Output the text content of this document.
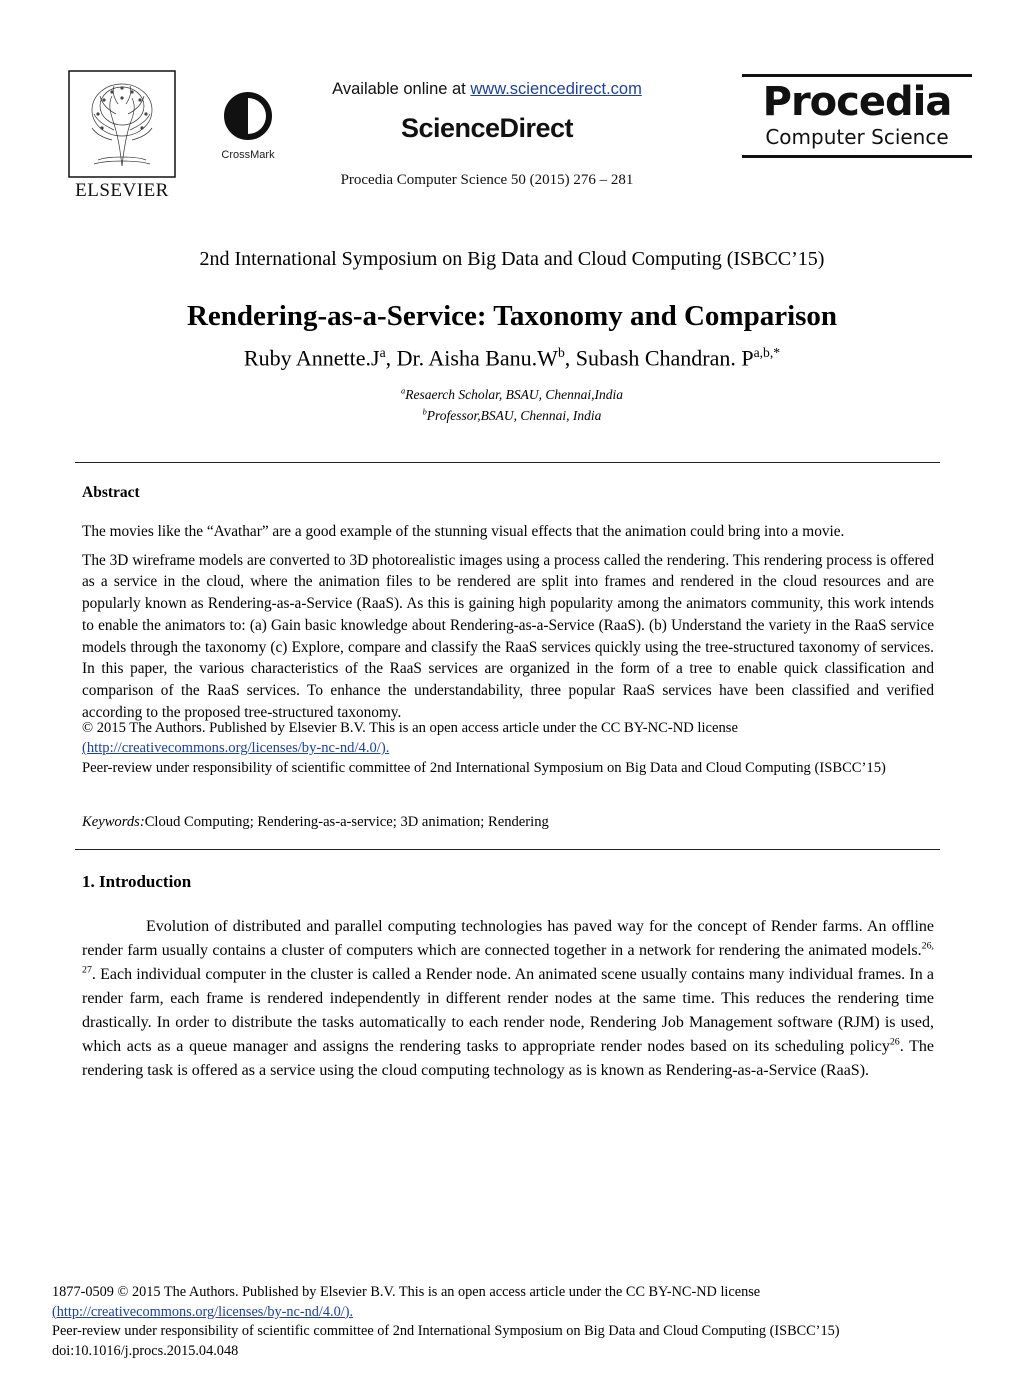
ELSEVIER
CrossMark
Available online at www.sciencedirect.com
ScienceDirect
Procedia Computer Science 50 (2015) 276 – 281
Procedia
Computer Science
2nd International Symposium on Big Data and Cloud Computing (ISBCC’15)
Rendering-as-a-Service: Taxonomy and Comparison
Ruby $Annette.J^a$, Dr. Aisha $Banu.W^b$, Subash Chandran. $P^{a,b,*}$
$^a$Resaerch Scholar, BSAU, Chennai,India
$^b$Professor,BSAU, Chennai, India
Abstract

The movies like the “Avathar” are a good example of the stunning visual effects that the animation could bring into a movie.

The 3D wireframe models are converted to 3D photorealistic images using a process called the rendering. This rendering process is offered as a service in the cloud, where the animation files to be rendered are split into frames and rendered in the cloud resources and are popularly known as Rendering-as-a-Service (RaaS). As this is gaining high popularity among the animators community, this work intends to enable the animators to: (a) Gain basic knowledge about Rendering-as-a-Service (RaaS). (b) Understand the variety in the RaaS service models through the taxonomy (c) Explore, compare and classify the RaaS services quickly using the tree-structured taxonomy of services. In this paper, the various characteristics of the RaaS services are organized in the form of a tree to enable quick classification and comparison of the RaaS services. To enhance the understandability, three popular RaaS services have been classified and verified according to the proposed tree-structured taxonomy.

© 2015 The Authors. Published by Elsevier B.V. This is an open access article under the CC BY-NC-ND license

(http://creativecommons.org/licenses/by-nc-nd/4.0/).

Peer-review under responsibility of scientific committee of 2nd International Symposium on Big Data and Cloud Computing (ISBCC’15)

Keywords:Cloud Computing; Rendering-as-a-service; 3D animation; Rendering
1. Introduction

Evolution of distributed and parallel computing technologies has paved way for the concept of Render farms. An offline render farm usually contains a cluster of computers which are connected together in a network for rendering the animated models.$^{26, 27}$. Each individual computer in the cluster is called a Render node. An animated scene usually contains many individual frames. In a render farm, each frame is rendered independently in different render nodes at the same time. This reduces the rendering time drastically. In order to distribute the tasks automatically to each render node, Rendering Job Management software (RJM) is used, which acts as a queue manager and assigns the rendering tasks to appropriate render nodes based on its scheduling policy$^{26}$. The rendering task is offered as a service using the cloud computing technology as is known as Rendering-as-a-Service (RaaS).

1877-0509 © 2015 The Authors. Published by Elsevier B.V. This is an open access article under the CC BY-NC-ND license

(http://creativecommons.org/licenses/by-nc-nd/4.0/).

Peer-review under responsibility of scientific committee of 2nd International Symposium on Big Data and Cloud Computing (ISBCC’15)

doi:10.1016/j.procs.2015.04.048
